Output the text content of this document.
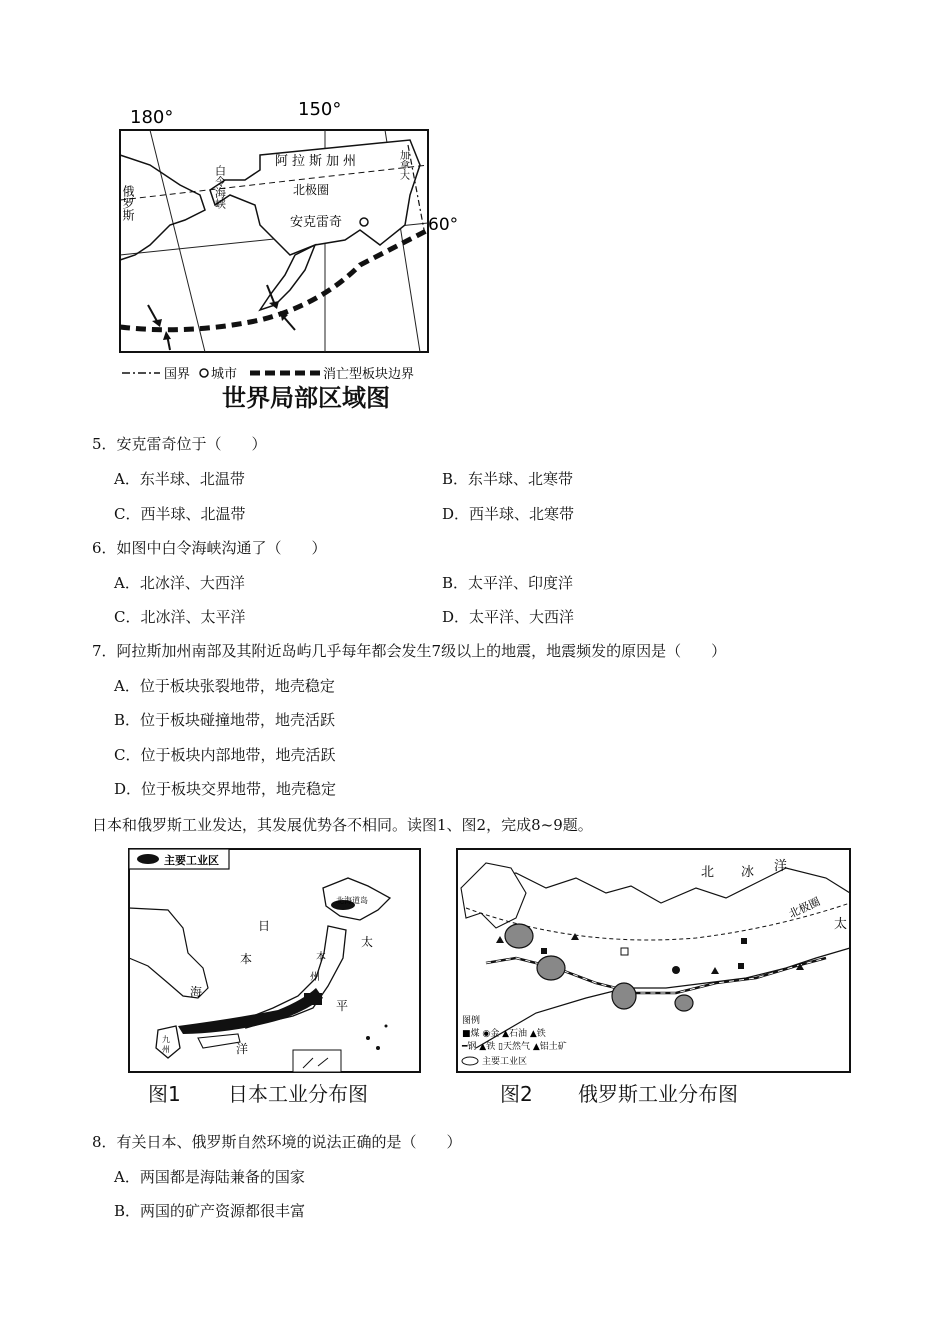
180°	150°
60°
阿拉斯加州	加拿大
俄罗斯	白令海峡	北极圈
安克雷奇
国界 城市	消亡型板块边界
世界局部区域图
5．安克雷奇位于（　　）
A．东半球、北温带	B．东半球、北寒带
C．西半球、北温带	D．西半球、北寒带
6．如图中白令海峡沟通了（　　）
A．北冰洋、大西洋	B．太平洋、印度洋
C．北冰洋、太平洋	D．太平洋、大西洋
7．阿拉斯加州南部及其附近岛屿几乎每年都会发生7级以上的地震，地震频发的原因是（　　）
A．位于板块张裂地带，地壳稳定
B．位于板块碰撞地带，地壳活跃
C．位于板块内部地带，地壳活跃
D．位于板块交界地带，地壳稳定
日本和俄罗斯工业发达，其发展优势各不相同。读图1、图2，完成8~9题。
主要工业区
北海道岛
九
州
日
本
海
太
平
洋
本
州
图1 日本工业分布图
北极圈
北 冰 洋
太
图例
■煤 ◉金 ▲石油 ▲铁
━钢 ▲铁 ▯天然气 ▲铝土矿
主要工业区
图2 俄罗斯工业分布图
8．有关日本、俄罗斯自然环境的说法正确的是（　　）
A．两国都是海陆兼备的国家
B．两国的矿产资源都很丰富
